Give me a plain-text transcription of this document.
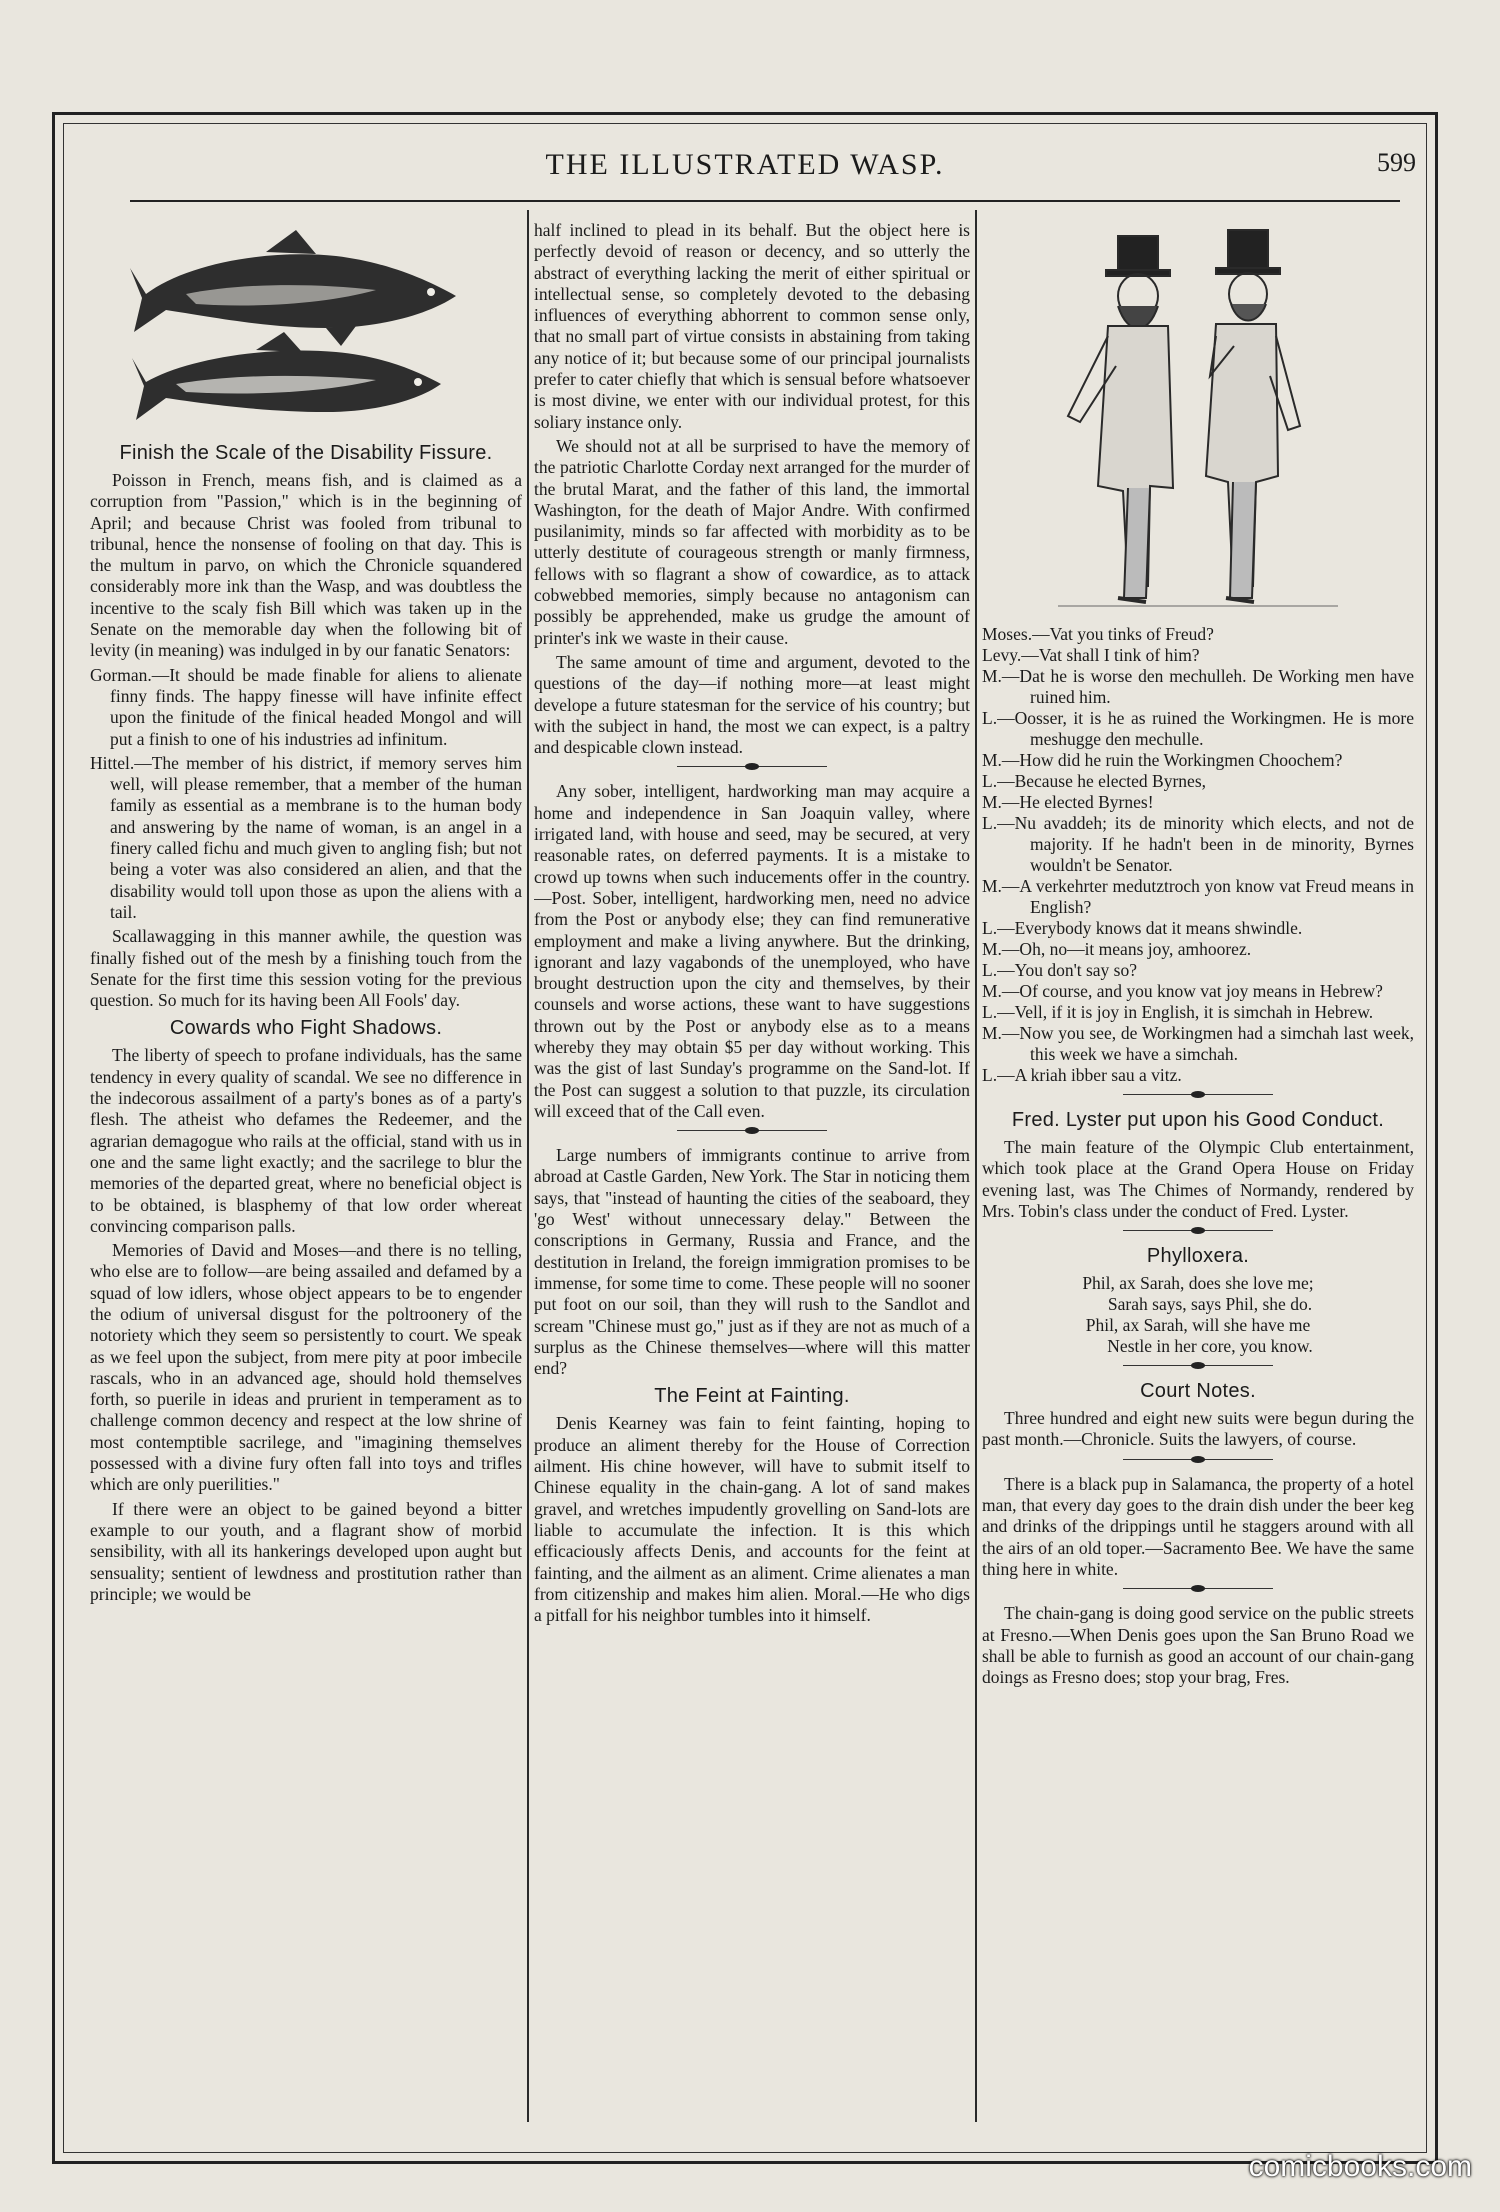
THE ILLUSTRATED WASP.	599
Finish the Scale of the Disability Fissure.

Poisson in French, means fish, and is claimed as a corruption from "Passion," which is in the beginning of April; and because Christ was fooled from tribunal to tribunal, hence the nonsense of fooling on that day. This is the multum in parvo, on which the Chronicle squandered considerably more ink than the Wasp, and was doubtless the incentive to the scaly fish Bill which was taken up in the Senate on the memorable day when the following bit of levity (in meaning) was indulged in by our fanatic Senators:

Gorman.—It should be made finable for aliens to alienate finny finds. The happy finesse will have infinite effect upon the finitude of the finical headed Mongol and will put a finish to one of his industries ad infinitum.

Hittel.—The member of his district, if memory serves him well, will please remember, that a member of the human family as essential as a membrane is to the human body and answering by the name of woman, is an angel in a finery called fichu and much given to angling fish; but not being a voter was also considered an alien, and that the disability would toll upon those as upon the aliens with a tail.

Scallawagging in this manner awhile, the question was finally fished out of the mesh by a finishing touch from the Senate for the first time this session voting for the previous question. So much for its having been All Fools' day.

Cowards who Fight Shadows.

The liberty of speech to profane individuals, has the same tendency in every quality of scandal. We see no difference in the indecorous assailment of a party's bones as of a party's flesh. The atheist who defames the Redeemer, and the agrarian demagogue who rails at the official, stand with us in one and the same light exactly; and the sacrilege to blur the memories of the departed great, where no beneficial object is to be obtained, is blasphemy of that low order whereat convincing comparison palls.

Memories of David and Moses—and there is no telling, who else are to follow—are being assailed and defamed by a squad of low idlers, whose object appears to be to engender the odium of universal disgust for the poltroonery of the notoriety which they seem so persistently to court. We speak as we feel upon the subject, from mere pity at poor imbecile rascals, who in an advanced age, should hold themselves forth, so puerile in ideas and prurient in temperament as to challenge common decency and respect at the low shrine of most contemptible sacrilege, and "imagining themselves possessed with a divine fury often fall into toys and trifles which are only puerilities."

If there were an object to be gained beyond a bitter example to our youth, and a flagrant show of morbid sensibility, with all its hankerings developed upon aught but sensuality; sentient of lewdness and prostitution rather than principle; we would be

half inclined to plead in its behalf. But the object here is perfectly devoid of reason or decency, and so utterly the abstract of everything lacking the merit of either spiritual or intellectual sense, so completely devoted to the debasing influences of everything abhorrent to common sense only, that no small part of virtue consists in abstaining from taking any notice of it; but because some of our principal journalists prefer to cater chiefly that which is sensual before whatsoever is most divine, we enter with our individual protest, for this soliary instance only.

We should not at all be surprised to have the memory of the patriotic Charlotte Corday next arranged for the murder of the brutal Marat, and the father of this land, the immortal Washington, for the death of Major Andre. With confirmed pusilanimity, minds so far affected with morbidity as to be utterly destitute of courageous strength or manly firmness, fellows with so flagrant a show of cowardice, as to attack cobwebbed memories, simply because no antagonism can possibly be apprehended, make us grudge the amount of printer's ink we waste in their cause.

The same amount of time and argument, devoted to the questions of the day—if nothing more—at least might develope a future statesman for the service of his country; but with the subject in hand, the most we can expect, is a paltry and despicable clown instead.

Any sober, intelligent, hardworking man may acquire a home and independence in San Joaquin valley, where irrigated land, with house and seed, may be secured, at very reasonable rates, on deferred payments. It is a mistake to crowd up towns when such inducements offer in the country.—Post. Sober, intelligent, hardworking men, need no advice from the Post or anybody else; they can find remunerative employment and make a living anywhere. But the drinking, ignorant and lazy vagabonds of the unemployed, who have brought destruction upon the city and themselves, by their counsels and worse actions, these want to have suggestions thrown out by the Post or anybody else as to a means whereby they may obtain $5 per day without working. This was the gist of last Sunday's programme on the Sand-lot. If the Post can suggest a solution to that puzzle, its circulation will exceed that of the Call even.

Large numbers of immigrants continue to arrive from abroad at Castle Garden, New York. The Star in noticing them says, that "instead of haunting the cities of the seaboard, they 'go West' without unnecessary delay." Between the conscriptions in Germany, Russia and France, and the destitution in Ireland, the foreign immigration promises to be immense, for some time to come. These people will no sooner put foot on our soil, than they will rush to the Sandlot and scream "Chinese must go," just as if they are not as much of a surplus as the Chinese themselves—where will this matter end?

The Feint at Fainting.

Denis Kearney was fain to feint fainting, hoping to produce an aliment thereby for the House of Correction ailment. His chine however, will have to submit itself to Chinese equality in the chain-gang. A lot of sand makes gravel, and wretches impudently grovelling on Sand-lots are liable to accumulate the infection. It is this which efficaciously affects Denis, and accounts for the feint at fainting, and the ailment as an aliment. Crime alienates a man from citizenship and makes him alien. Moral.—He who digs a pitfall for his neighbor tumbles into it himself.

Moses.—Vat you tinks of Freud?
Levy.—Vat shall I tink of him?
M.—Dat he is worse den mechulleh. De Working men have ruined him.
L.—Oosser, it is he as ruined the Workingmen. He is more meshugge den mechulle.
M.—How did he ruin the Workingmen Choochem?
L.—Because he elected Byrnes,
M.—He elected Byrnes!
L.—Nu avaddeh; its de minority which elects, and not de majority. If he hadn't been in de minority, Byrnes wouldn't be Senator.
M.—A verkehrter medutztroch yon know vat Freud means in English?
L.—Everybody knows dat it means shwindle.
M.—Oh, no—it means joy, amhoorez.
L.—You don't say so?
M.—Of course, and you know vat joy means in Hebrew?
L.—Vell, if it is joy in English, it is simchah in Hebrew.
M.—Now you see, de Workingmen had a simchah last week, this week we have a simchah.
L.—A kriah ibber sau a vitz.
Fred. Lyster put upon his Good Conduct.

The main feature of the Olympic Club entertainment, which took place at the Grand Opera House on Friday evening last, was The Chimes of Normandy, rendered by Mrs. Tobin's class under the conduct of Fred. Lyster.

Phylloxera.
Phil, ax Sarah, does she love me;
Sarah says, says Phil, she do.
Phil, ax Sarah, will she have me
Nestle in her core, you know.
Court Notes.

Three hundred and eight new suits were begun during the past month.—Chronicle. Suits the lawyers, of course.

There is a black pup in Salamanca, the property of a hotel man, that every day goes to the drain dish under the beer keg and drinks of the drippings until he staggers around with all the airs of an old toper.—Sacramento Bee. We have the same thing here in white.

The chain-gang is doing good service on the public streets at Fresno.—When Denis goes upon the San Bruno Road we shall be able to furnish as good an account of our chain-gang doings as Fresno does; stop your brag, Fres.

comicbooks.com
